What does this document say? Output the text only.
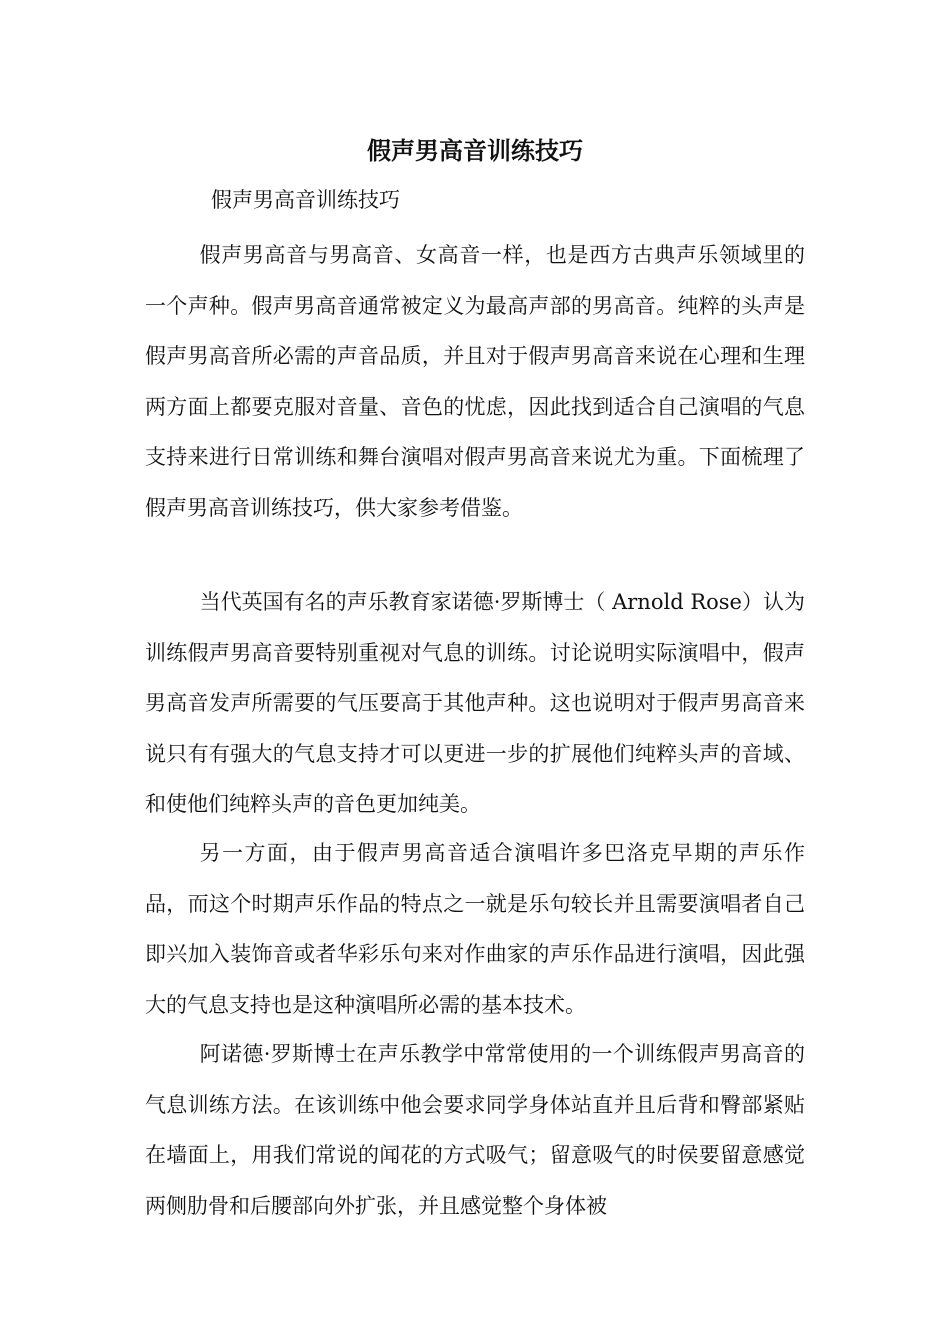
假声男高音训练技巧
假声男高音训练技巧

假声男高音与男高音、女高音一样，也是西方古典声乐领域里的一个声种。假声男高音通常被定义为最高声部的男高音。纯粹的头声是假声男高音所必需的声音品质，并且对于假声男高音来说在心理和生理两方面上都要克服对音量、音色的忧虑，因此找到适合自己演唱的气息支持来进行日常训练和舞台演唱对假声男高音来说尤为重。下面梳理了假声男高音训练技巧，供大家参考借鉴。

当代英国有名的声乐教育家诺德·罗斯博士（ Arnold Rose）认为训练假声男高音要特别重视对气息的训练。讨论说明实际演唱中，假声男高音发声所需要的气压要高于其他声种。这也说明对于假声男高音来说只有有强大的气息支持才可以更进一步的扩展他们纯粹头声的音域、和使他们纯粹头声的音色更加纯美。

另一方面，由于假声男高音适合演唱许多巴洛克早期的声乐作品，而这个时期声乐作品的特点之一就是乐句较长并且需要演唱者自己即兴加入装饰音或者华彩乐句来对作曲家的声乐作品进行演唱，因此强大的气息支持也是这种演唱所必需的基本技术。

阿诺德·罗斯博士在声乐教学中常常使用的一个训练假声男高音的气息训练方法。在该训练中他会要求同学身体站直并且后背和臀部紧贴在墙面上，用我们常说的闻花的方式吸气；留意吸气的时侯要留意感觉两侧肋骨和后腰部向外扩张，并且感觉整个身体被
